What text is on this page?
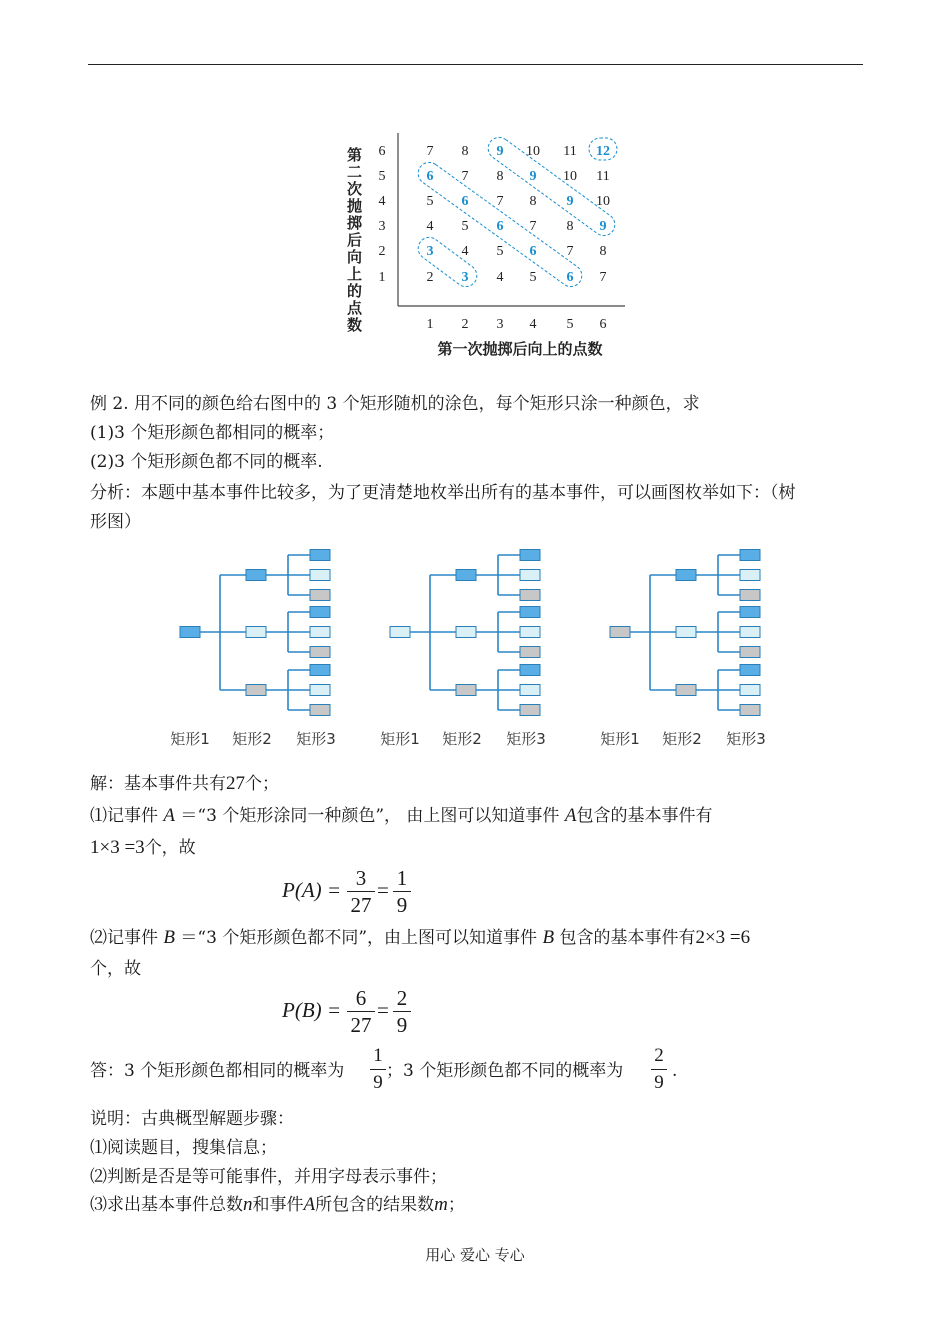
第二次抛掷后向上的点数 1
2
3
4
5
6
1 2 3 4 5 6
第一次抛掷后向上的点数
7 8 9 10 11 12
6 7 8 9 10 11
5 6 7 8 9 10
4 5 6 7 8 9
3 4 5 6 7 8
2 3 4 5 6 7
例 2. 用不同的颜色给右图中的 3 个矩形随机的涂色，每个矩形只涂一种颜色，求
(1)3 个矩形颜色都相同的概率；
(2)3 个矩形颜色都不同的概率.
分析：本题中基本事件比较多，为了更清楚地枚举出所有的基本事件，可以画图枚举如下：（树
形图）
矩形1 矩形2 矩形3	矩形1 矩形2 矩形3	矩形1 矩形2 矩形3
解：基本事件共有27个；
⑴记事件 A ＝“3 个矩形涂同一种颜色”， 由上图可以知道事件 A包含的基本事件有
1×3 =3个，故
P(A) = 3
27
= 1
9
⑵记事件 B ＝“3 个矩形颜色都不同”，由上图可以知道事件 B 包含的基本事件有2×3 =6
个，故
P(B) = 6
27
= 2
9
答：3 个矩形颜色都相同的概率为
1
9
；3 个矩形颜色都不同的概率为
2
9
.
说明：古典概型解题步骤：
⑴阅读题目，搜集信息；
⑵判断是否是等可能事件，并用字母表示事件；
⑶求出基本事件总数n和事件A所包含的结果数m；
用心 爱心 专心
